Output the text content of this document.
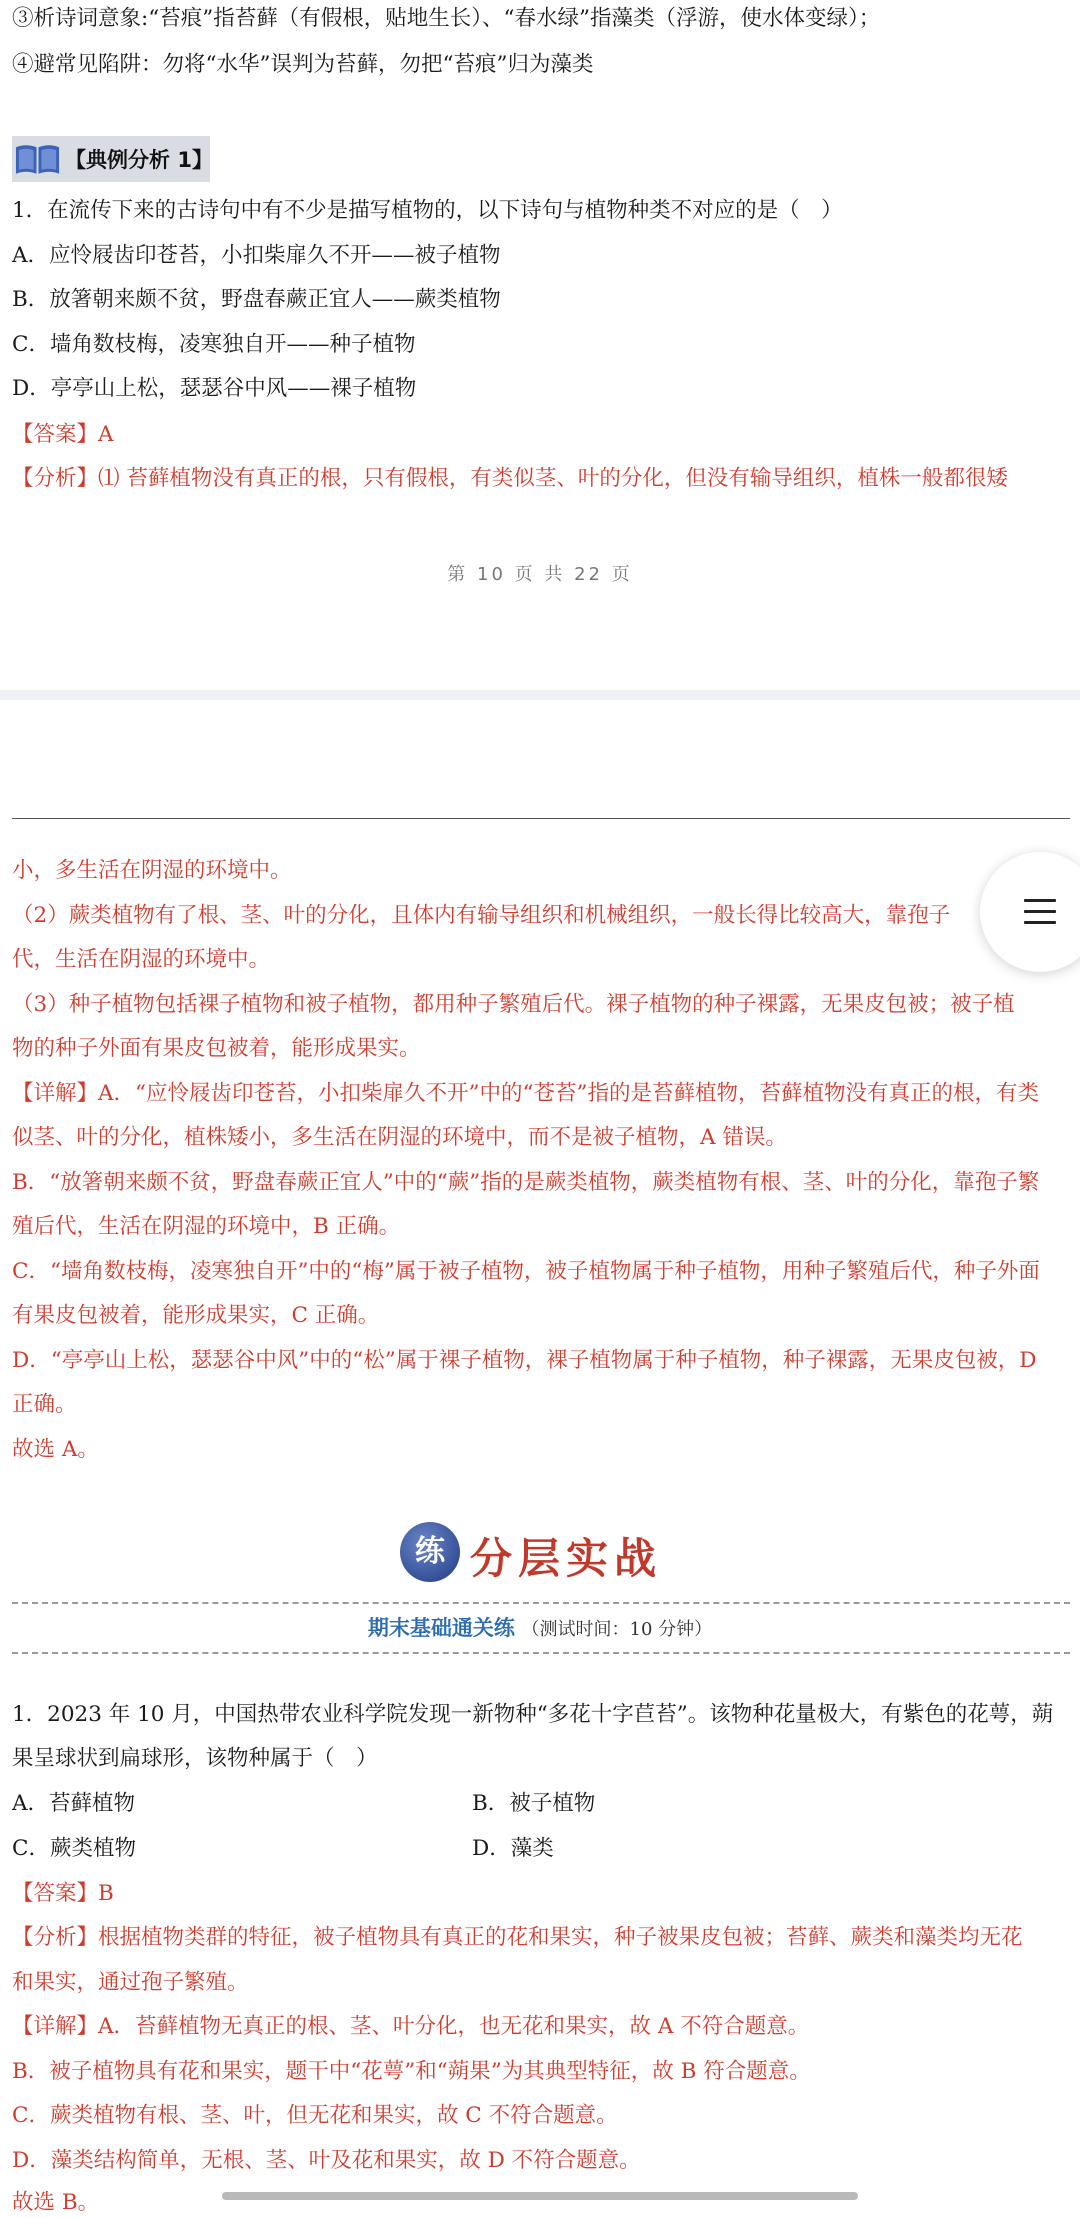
③析诗词意象:“苔痕”指苔藓（有假根，贴地生长）、“春水绿”指藻类（浮游，使水体变绿）；
④避常见陷阱：勿将“水华”误判为苔藓，勿把“苔痕”归为藻类
【典例分析 1】
1．在流传下来的古诗句中有不少是描写植物的，以下诗句与植物种类不对应的是（　）
A．应怜屐齿印苍苔，小扣柴扉久不开——被子植物
B．放箸朝来颇不贫，野盘春蕨正宜人——蕨类植物
C．墙角数枝梅，凌寒独自开——种子植物
D．亭亭山上松，瑟瑟谷中风——裸子植物
【答案】A
【分析】⑴ 苔藓植物没有真正的根，只有假根，有类似茎、叶的分化，但没有输导组织，植株一般都很矮
第 10 页 共 22 页
小，多生活在阴湿的环境中。
（2）蕨类植物有了根、茎、叶的分化，且体内有输导组织和机械组织，一般长得比较高大，靠孢子
代，生活在阴湿的环境中。
（3）种子植物包括裸子植物和被子植物，都用种子繁殖后代。裸子植物的种子裸露，无果皮包被；被子植
物的种子外面有果皮包被着，能形成果实。
【详解】A．“应怜屐齿印苍苔，小扣柴扉久不开”中的“苍苔”指的是苔藓植物，苔藓植物没有真正的根，有类
似茎、叶的分化，植株矮小，多生活在阴湿的环境中，而不是被子植物，A 错误。
B．“放箸朝来颇不贫，野盘春蕨正宜人”中的“蕨”指的是蕨类植物，蕨类植物有根、茎、叶的分化，靠孢子繁
殖后代，生活在阴湿的环境中，B 正确。
C．“墙角数枝梅，凌寒独自开”中的“梅”属于被子植物，被子植物属于种子植物，用种子繁殖后代，种子外面
有果皮包被着，能形成果实，C 正确。
D．“亭亭山上松，瑟瑟谷中风”中的“松”属于裸子植物，裸子植物属于种子植物，种子裸露，无果皮包被，D
正确。
故选 A。
练 分层实战
期末基础通关练 （测试时间：10 分钟）
1．2023 年 10 月，中国热带农业科学院发现一新物种“多花十字苣苔”。该物种花量极大，有紫色的花萼，蒴
果呈球状到扁球形，该物种属于（　）
A．苔藓植物	B．被子植物
C．蕨类植物	D．藻类
【答案】B
【分析】根据植物类群的特征，被子植物具有真正的花和果实，种子被果皮包被；苔藓、蕨类和藻类均无花
和果实，通过孢子繁殖。
【详解】A．苔藓植物无真正的根、茎、叶分化，也无花和果实，故 A 不符合题意。
B．被子植物具有花和果实，题干中“花萼”和“蒴果”为其典型特征，故 B 符合题意。
C．蕨类植物有根、茎、叶，但无花和果实，故 C 不符合题意。
D．藻类结构简单，无根、茎、叶及花和果实，故 D 不符合题意。
故选 B。
